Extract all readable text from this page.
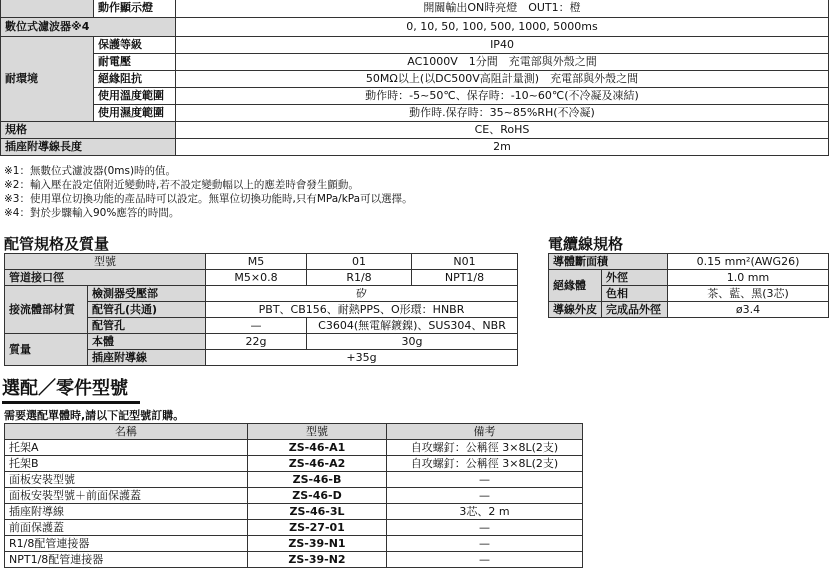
	動作顯示燈	開關輸出ON時亮燈　OUT1：橙
數位式濾波器※4		0, 10, 50, 100, 500, 1000, 5000ms
耐環境	保護等級	IP40
	耐電壓	AC1000V　1分間　充電部與外殼之間
	絕緣阻抗	50MΩ以上(以DC500V高阻計量測)　充電部與外殼之間
	使用溫度範圍	動作時：-5~50℃、保存時：-10~60℃(不冷凝及凍結)
	使用濕度範圍	動作時.保存時：35~85%RH(不冷凝)
規格		CE、RoHS
插座附導線長度		2m
※1：無數位式濾波器(0ms)時的值。
※2：輸入壓在設定值附近變動時,若不設定變動幅以上的應差時會發生顫動。
※3：使用單位切換功能的產品時可以設定。無單位切換功能時,只有MPa/kPa可以選擇。
※4：對於步驟輸入90%應答的時間。
配管規格及質量
型號		M5	01	N01
管道接口徑		M5×0.8	R1/8	NPT1/8
接流體部材質	檢測器受壓部	矽		
	配管孔(共通)	PBT、CB156、耐熱PPS、O形環：HNBR		
	配管孔	—	C3604(無電解鍍鎳)、SUS304、NBR	
質量	本體	22g	30g	
	插座附導線	+35g		
電纜線規格
導體斷面積		0.15 mm²(AWG26)
絕緣體	外徑	1.0 mm
	色相	茶、藍、黑(3芯)
導線外皮	完成品外徑	ø3.4
選配／零件型號
需要選配單體時,請以下記型號訂購。
名稱	型號	備考
托架A	ZS-46-A1	自攻螺釘：公稱徑 3×8L(2支)
托架B	ZS-46-A2	自攻螺釘：公稱徑 3×8L(2支)
面板安裝型號	ZS-46-B	—
面板安裝型號＋前面保護蓋	ZS-46-D	—
插座附導線	ZS-46-3L	3芯、2 m
前面保護蓋	ZS-27-01	—
R1/8配管連接器	ZS-39-N1	—
NPT1/8配管連接器	ZS-39-N2	—
